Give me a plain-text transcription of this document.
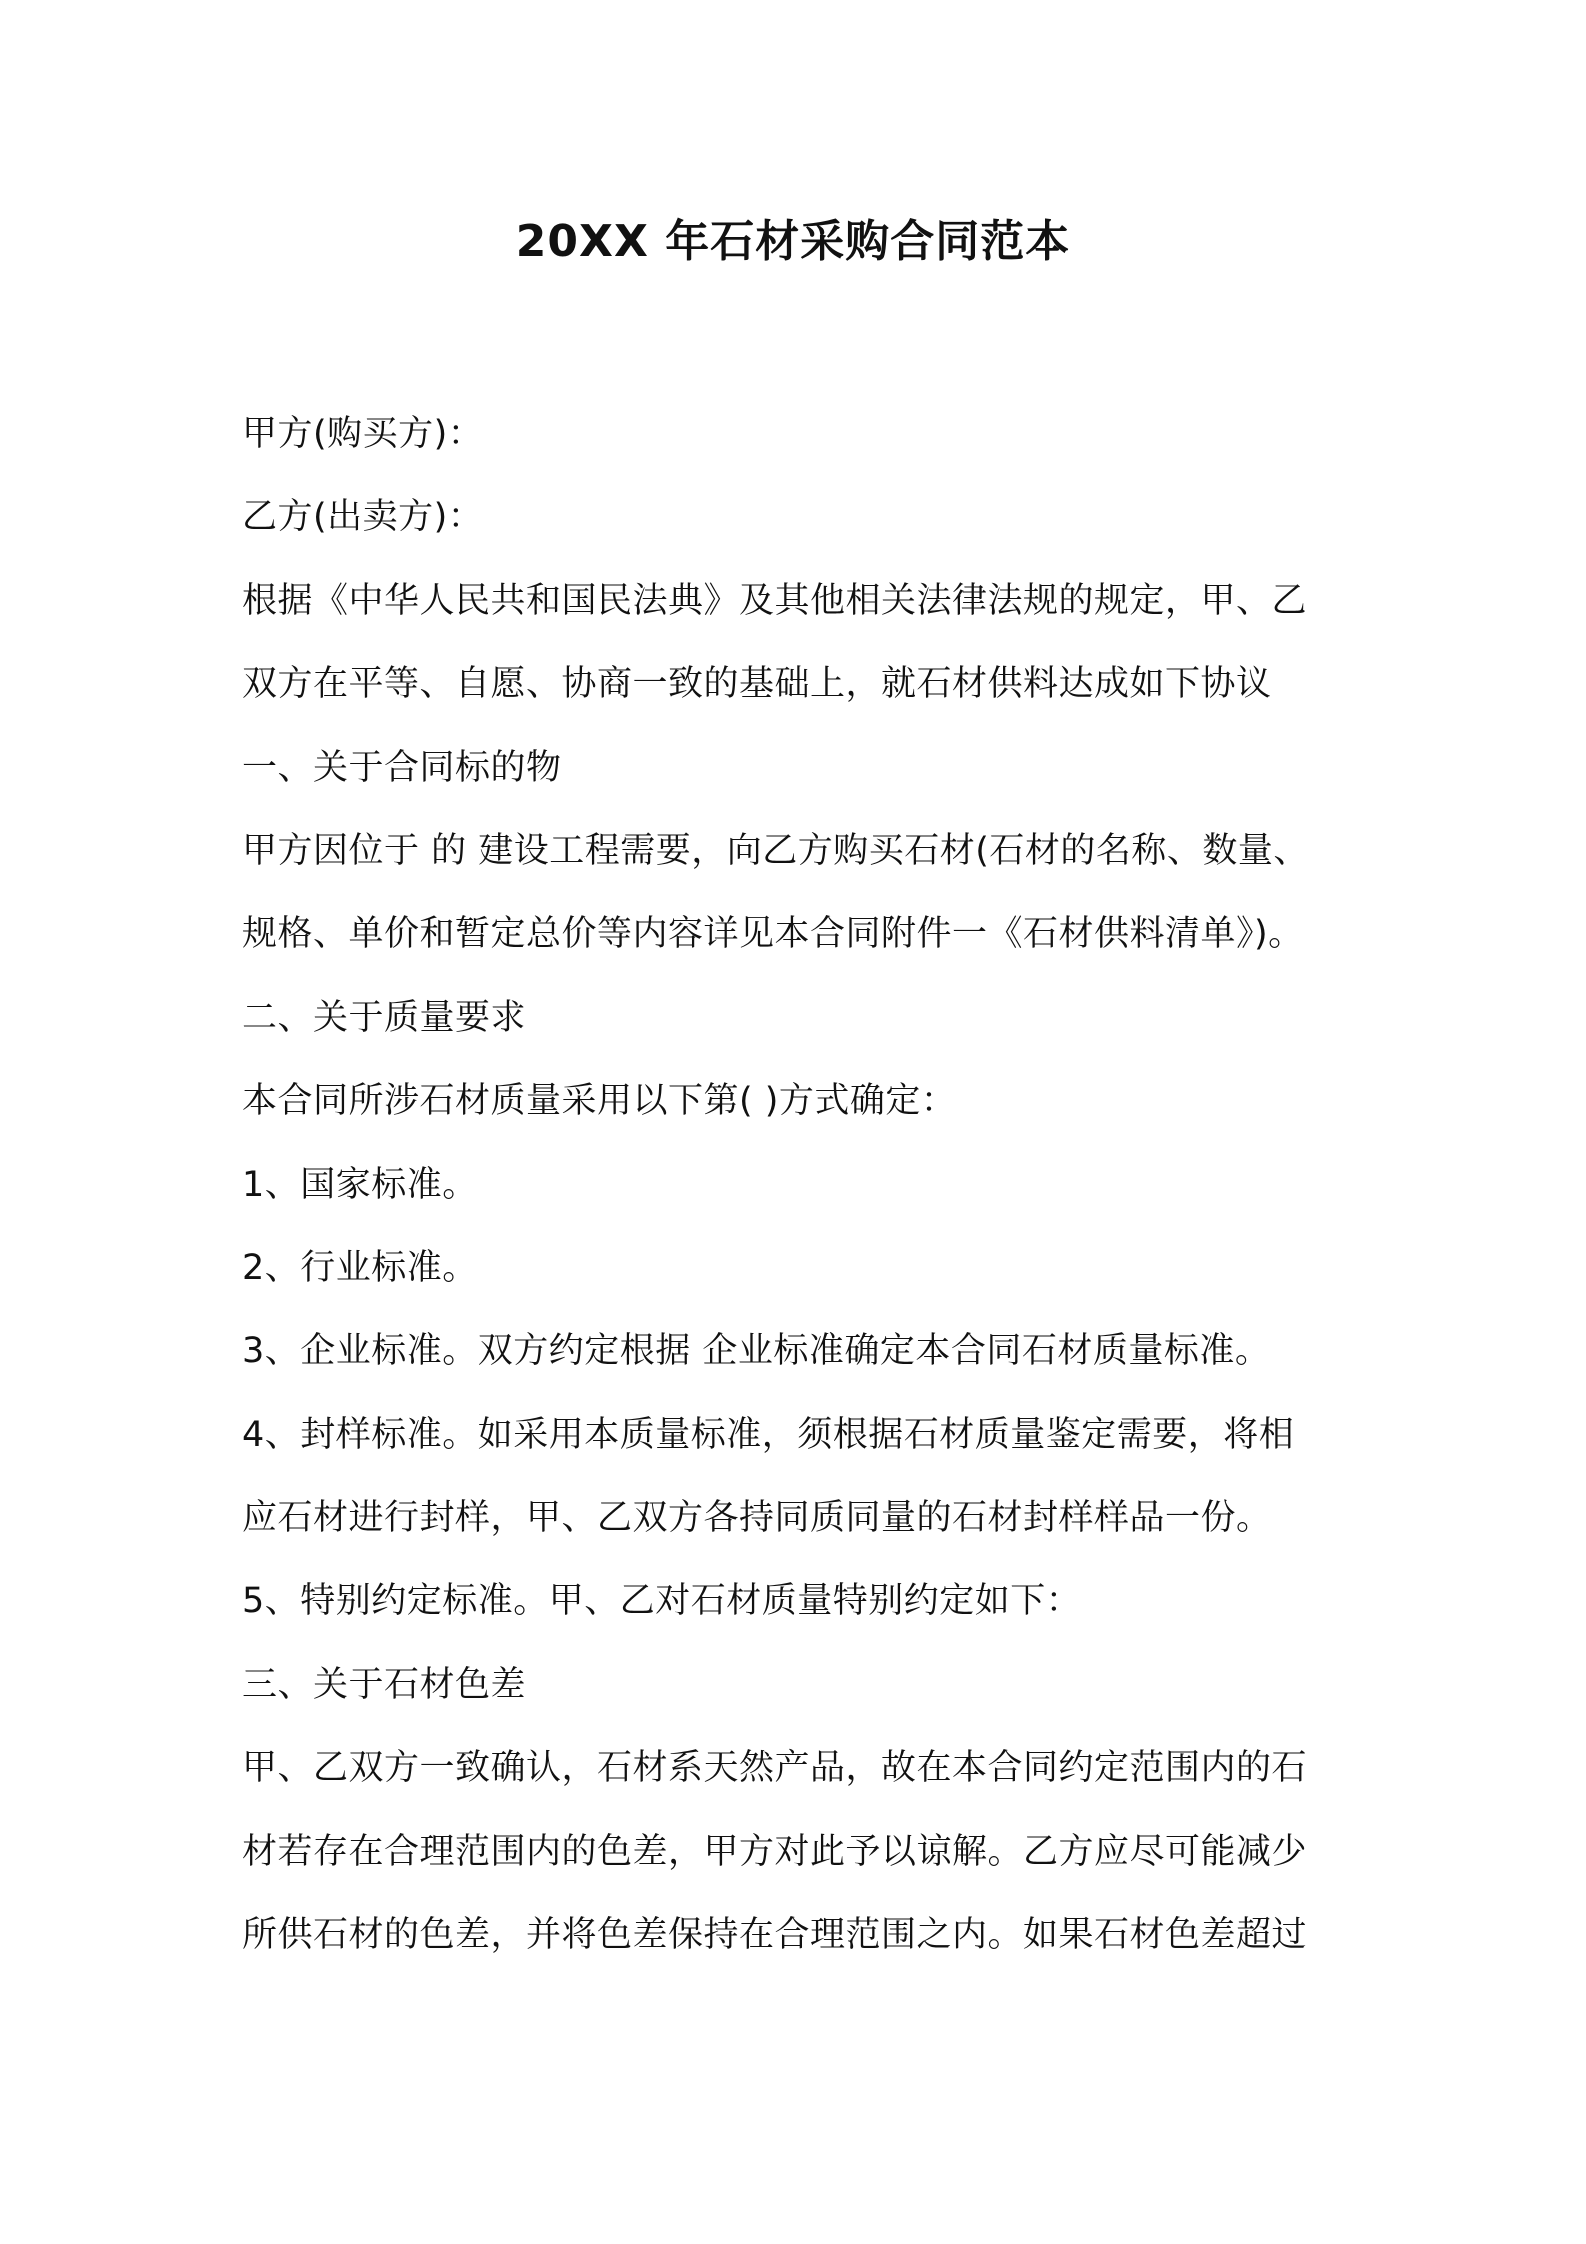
20XX 年石材采购合同范本
甲方(购买方)：
乙方(出卖方)：
根据《中华人民共和国民法典》及其他相关法律法规的规定，甲、乙
双方在平等、自愿、协商一致的基础上，就石材供料达成如下协议
一、关于合同标的物
甲方因位于 的 建设工程需要，向乙方购买石材(石材的名称、数量、
规格、单价和暂定总价等内容详见本合同附件一《石材供料清单》)。
二、关于质量要求
本合同所涉石材质量采用以下第( )方式确定：
1、国家标准。
2、行业标准。
3、企业标准。双方约定根据 企业标准确定本合同石材质量标准。
4、封样标准。如采用本质量标准，须根据石材质量鉴定需要，将相
应石材进行封样，甲、乙双方各持同质同量的石材封样样品一份。
5、特别约定标准。甲、乙对石材质量特别约定如下：
三、关于石材色差
甲、乙双方一致确认，石材系天然产品，故在本合同约定范围内的石
材若存在合理范围内的色差，甲方对此予以谅解。乙方应尽可能减少
所供石材的色差，并将色差保持在合理范围之内。如果石材色差超过
